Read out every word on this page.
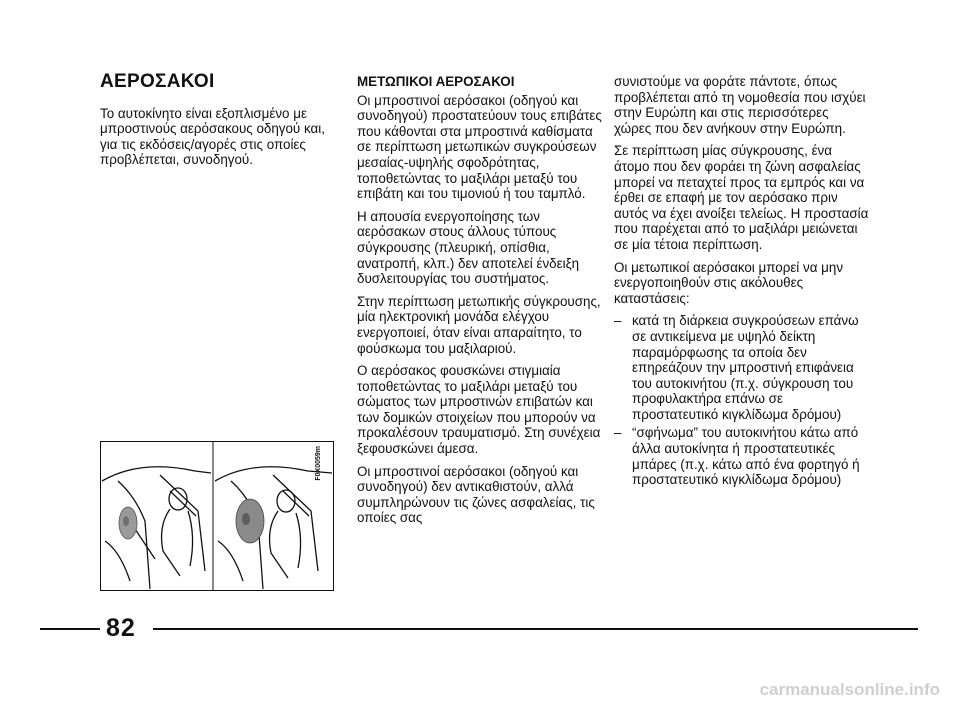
ΑΕΡΟΣΑΚΟΙ

Το αυτοκίνητο είναι εξοπλισμένο με μπροστινούς αερόσακους οδηγού και, για τις εκδόσεις/αγορές στις οποίες προβλέπεται, συνοδηγού.

F0X0059m
ΜΕΤΩΠΙΚΟΙ ΑΕΡΟΣΑΚΟΙ

Οι μπροστινοί αερόσακοι (οδηγού και συνοδηγού) προστατεύουν τους επιβάτες που κάθονται στα μπροστινά καθίσματα σε περίπτωση μετωπικών συγκρούσεων μεσαίας-υψηλής σφοδρότητας, τοποθετώντας το μαξιλάρι μεταξύ του επιβάτη και του τιμονιού ή του ταμπλό.

Η απουσία ενεργοποίησης των αερόσακων στους άλλους τύπους σύγκρουσης (πλευρική, οπίσθια, ανατροπή, κλπ.) δεν αποτελεί ένδειξη δυσλειτουργίας του συστήματος.

Στην περίπτωση μετωπικής σύγκρουσης, μία ηλεκτρονική μονάδα ελέγχου ενεργοποιεί, όταν είναι απαραίτητο, το φούσκωμα του μαξιλαριού.

Ο αερόσακος φουσκώνει στιγμιαία τοποθετώντας το μαξιλάρι μεταξύ του σώματος των μπροστινών επιβατών και των δομικών στοιχείων που μπορούν να προκαλέσουν τραυματισμό. Στη συνέχεια ξεφουσκώνει άμεσα.

Οι μπροστινοί αερόσακοι (οδηγού και συνοδηγού) δεν αντικαθιστούν, αλλά συμπληρώνουν τις ζώνες ασφαλείας, τις οποίες σας

συνιστούμε να φοράτε πάντοτε, όπως προβλέπεται από τη νομοθεσία που ισχύει στην Ευρώπη και στις περισσότερες χώρες που δεν ανήκουν στην Ευρώπη.

Σε περίπτωση μίας σύγκρουσης, ένα άτομο που δεν φοράει τη ζώνη ασφαλείας μπορεί να πεταχτεί προς τα εμπρός και να έρθει σε επαφή με τον αερόσακο πριν αυτός να έχει ανοίξει τελείως. Η προστασία που παρέχεται από το μαξιλάρι μειώνεται σε μία τέτοια περίπτωση.

Οι μετωπικοί αερόσακοι μπορεί να μην ενεργοποιηθούν στις ακόλουθες καταστάσεις:

– κατά τη διάρκεια συγκρούσεων επάνω σε αντικείμενα με υψηλό δείκτη παραμόρφωσης τα οποία δεν επηρεάζουν την μπροστινή επιφάνεια του αυτοκινήτου (π.χ. σύγκρουση του προφυλακτήρα επάνω σε προστατευτικό κιγκλίδωμα δρόμου)
– “σφήνωμα” του αυτοκινήτου κάτω από άλλα αυτοκίνητα ή προστατευτικές μπάρες (π.χ. κάτω από ένα φορτηγό ή προστατευτικό κιγκλίδωμα δρόμου)
82
carmanualsonline.info
